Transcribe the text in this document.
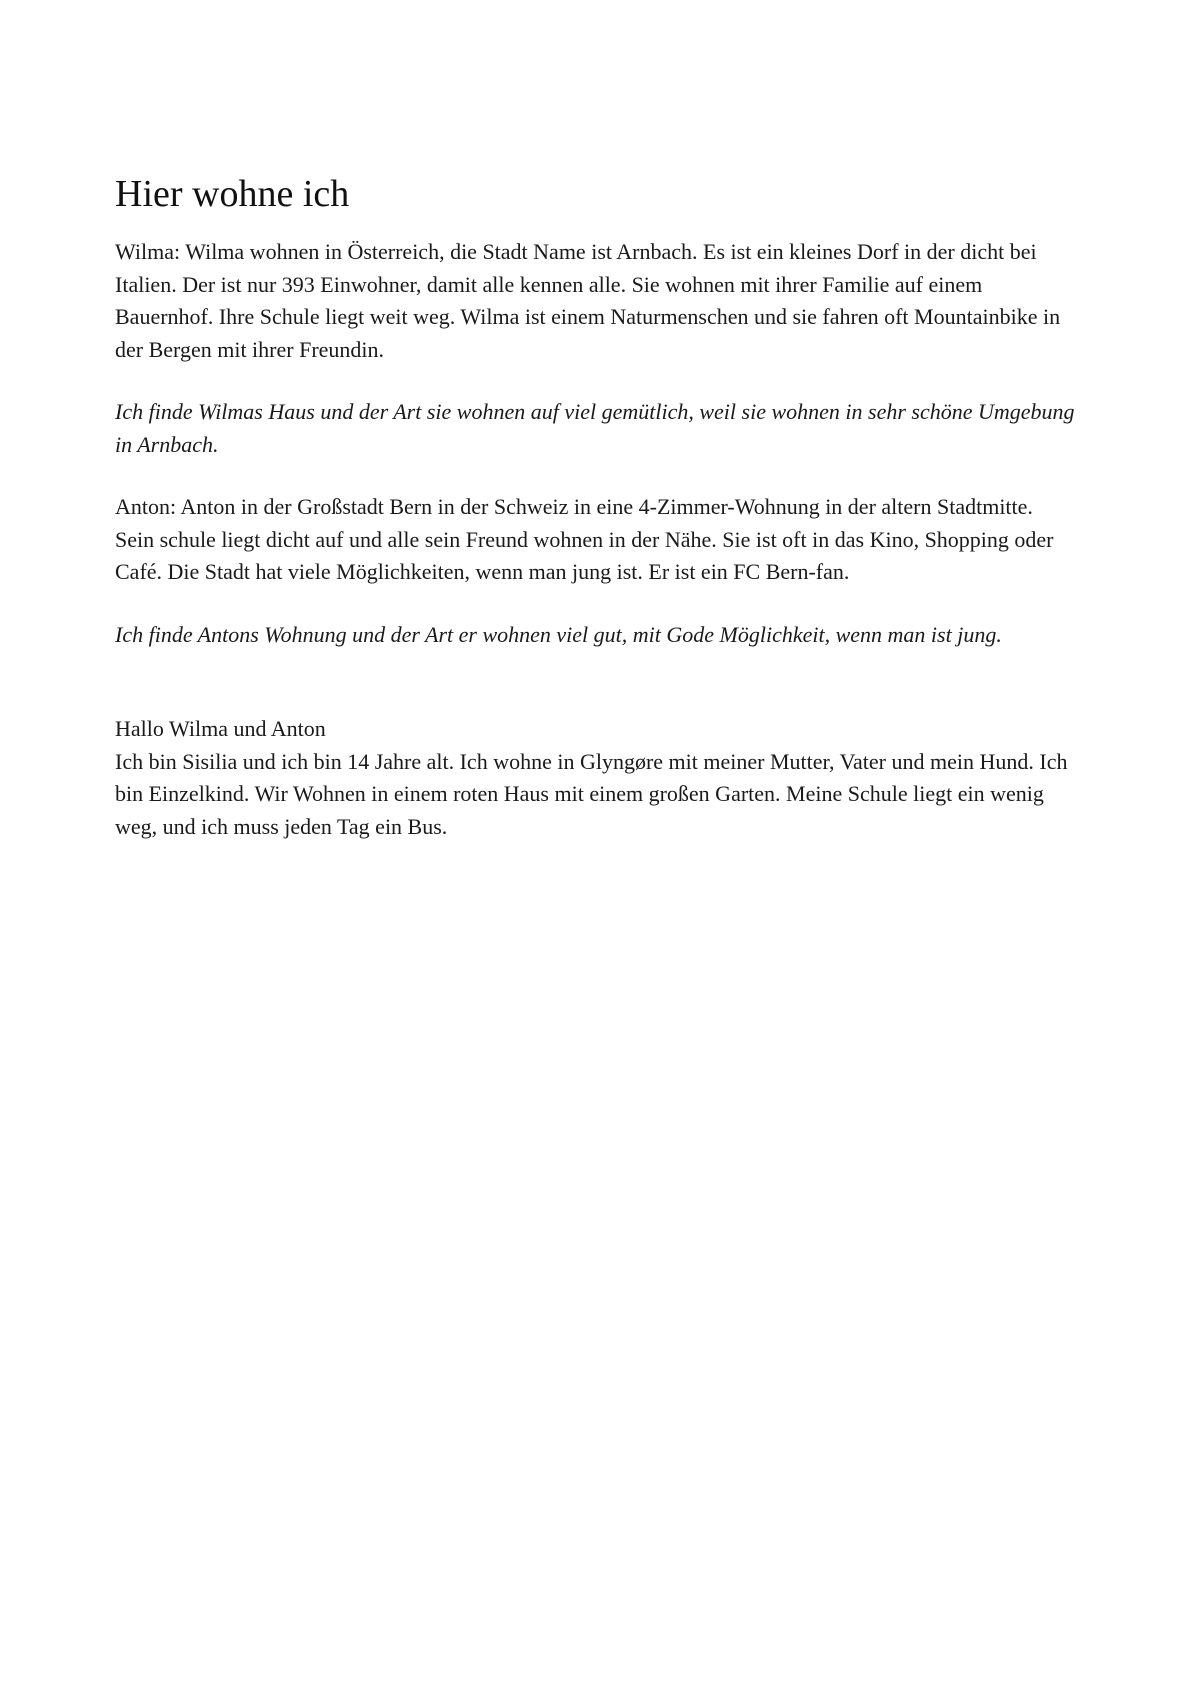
Hier wohne ich

Wilma: Wilma wohnen in Österreich, die Stadt Name ist Arnbach. Es ist ein kleines Dorf in der dicht bei Italien. Der ist nur 393 Einwohner, damit alle kennen alle. Sie wohnen mit ihrer Familie auf einem Bauernhof. Ihre Schule liegt weit weg. Wilma ist einem Naturmenschen und sie fahren oft Mountainbike in der Bergen mit ihrer Freundin.

Ich finde Wilmas Haus und der Art sie wohnen auf viel gemütlich, weil sie wohnen in sehr schöne Umgebung in Arnbach.

Anton: Anton in der Großstadt Bern in der Schweiz in eine 4-Zimmer-Wohnung in der altern Stadtmitte. Sein schule liegt dicht auf und alle sein Freund wohnen in der Nähe. Sie ist oft in das Kino, Shopping oder Café. Die Stadt hat viele Möglichkeiten, wenn man jung ist. Er ist ein FC Bern-fan.

Ich finde Antons Wohnung und der Art er wohnen viel gut, mit Gode Möglichkeit, wenn man ist jung.

Hallo Wilma und Anton

Ich bin Sisilia und ich bin 14 Jahre alt. Ich wohne in Glyngøre mit meiner Mutter, Vater und mein Hund. Ich bin Einzelkind. Wir Wohnen in einem roten Haus mit einem großen Garten. Meine Schule liegt ein wenig weg, und ich muss jeden Tag ein Bus.
